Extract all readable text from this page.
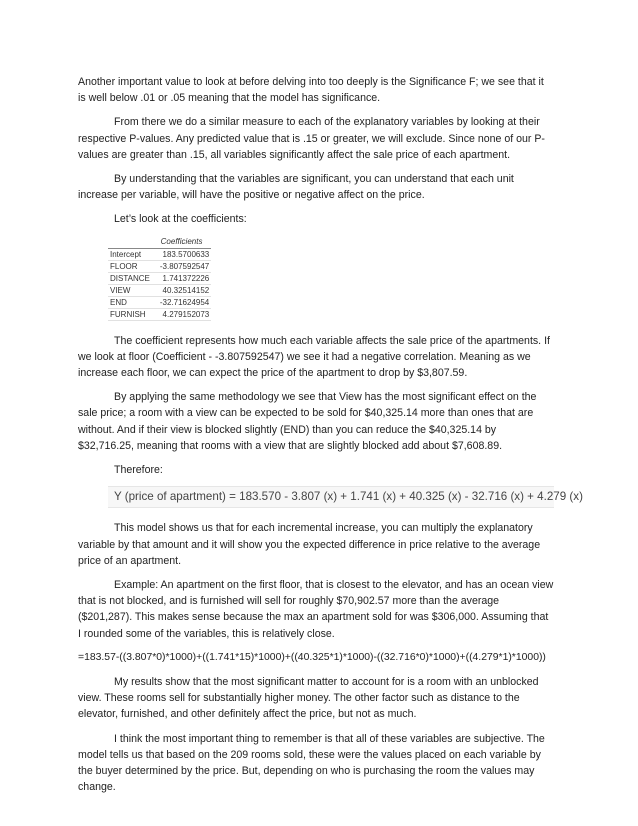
Another important value to look at before delving into too deeply is the Significance F; we see that it is well below .01 or .05 meaning that the model has significance.

From there we do a similar measure to each of the explanatory variables by looking at their respective P-values. Any predicted value that is .15 or greater, we will exclude. Since none of our P-values are greater than .15, all variables significantly affect the sale price of each apartment.

By understanding that the variables are significant, you can understand that each unit increase per variable, will have the positive or negative affect on the price.

Let’s look at the coefficients:

	Coefficients
Intercept	183.5700633
FLOOR	-3.807592547
DISTANCE	1.741372226
VIEW	40.32514152
END	-32.71624954
FURNISH	4.279152073

The coefficient represents how much each variable affects the sale price of the apartments. If we look at floor (Coefficient - -3.807592547) we see it had a negative correlation. Meaning as we increase each floor, we can expect the price of the apartment to drop by $3,807.59.

By applying the same methodology we see that View has the most significant effect on the sale price; a room with a view can be expected to be sold for $40,325.14 more than ones that are without. And if their view is blocked slightly (END) than you can reduce the $40,325.14 by $32,716.25, meaning that rooms with a view that are slightly blocked add about $7,608.89.

Therefore:

Y (price of apartment) = 183.570 - 3.807 (x) + 1.741 (x) + 40.325 (x) - 32.716 (x) + 4.279 (x)

This model shows us that for each incremental increase, you can multiply the explanatory variable by that amount and it will show you the expected difference in price relative to the average price of an apartment.

Example: An apartment on the first floor, that is closest to the elevator, and has an ocean view that is not blocked, and is furnished will sell for roughly $70,902.57 more than the average ($201,287). This makes sense because the max an apartment sold for was $306,000. Assuming that I rounded some of the variables, this is relatively close.

=183.57-((3.807*0)*1000)+((1.741*15)*1000)+((40.325*1)*1000)-((32.716*0)*1000)+((4.279*1)*1000))

My results show that the most significant matter to account for is a room with an unblocked view. These rooms sell for substantially higher money. The other factor such as distance to the elevator, furnished, and other definitely affect the price, but not as much.

I think the most important thing to remember is that all of these variables are subjective. The model tells us that based on the 209 rooms sold, these were the values placed on each variable by the buyer determined by the price. But, depending on who is purchasing the room the values may change.
